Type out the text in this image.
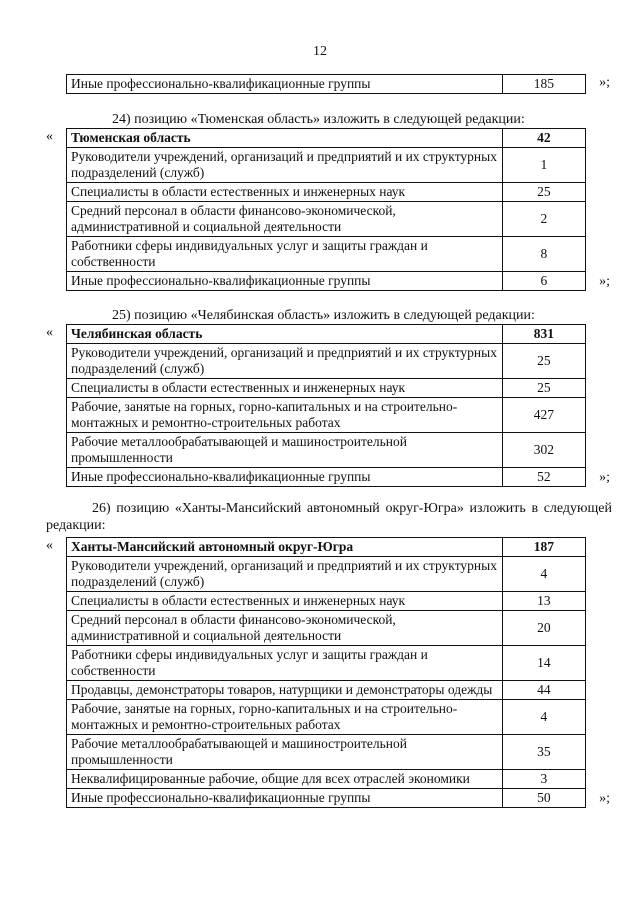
12
Иные профессионально-квалификационные группы	185	»;
24) позицию «Тюменская область» изложить в следующей редакции:
« Тюменская область	42
Руководители учреждений, организаций и предприятий и их структурных подразделений (служб)	1
Специалисты в области естественных и инженерных наук	25
Средний персонал в области финансово-экономической, административной и социальной деятельности	2
Работники сферы индивидуальных услуг и защиты граждан и собственности	8
Иные профессионально-квалификационные группы	6	»;
25) позицию «Челябинская область» изложить в следующей редакции:
« Челябинская область	831
Руководители учреждений, организаций и предприятий и их структурных подразделений (служб)	25
Специалисты в области естественных и инженерных наук	25
Рабочие, занятые на горных, горно-капитальных и на строительно-монтажных и ремонтно-строительных работах	427
Рабочие металлообрабатывающей и машиностроительной промышленности	302
Иные профессионально-квалификационные группы	52	»;
26) позицию «Ханты-Мансийский автономный округ-Югра» изложить в следующей редакции:
« Ханты-Мансийский автономный округ-Югра	187
Руководители учреждений, организаций и предприятий и их структурных подразделений (служб)	4
Специалисты в области естественных и инженерных наук	13
Средний персонал в области финансово-экономической, административной и социальной деятельности	20
Работники сферы индивидуальных услуг и защиты граждан и собственности	14
Продавцы, демонстраторы товаров, натурщики и демонстраторы одежды	44
Рабочие, занятые на горных, горно-капитальных и на строительно-монтажных и ремонтно-строительных работах	4
Рабочие металлообрабатывающей и машиностроительной промышленности	35
Неквалифицированные рабочие, общие для всех отраслей экономики	3
Иные профессионально-квалификационные группы	50	»;
